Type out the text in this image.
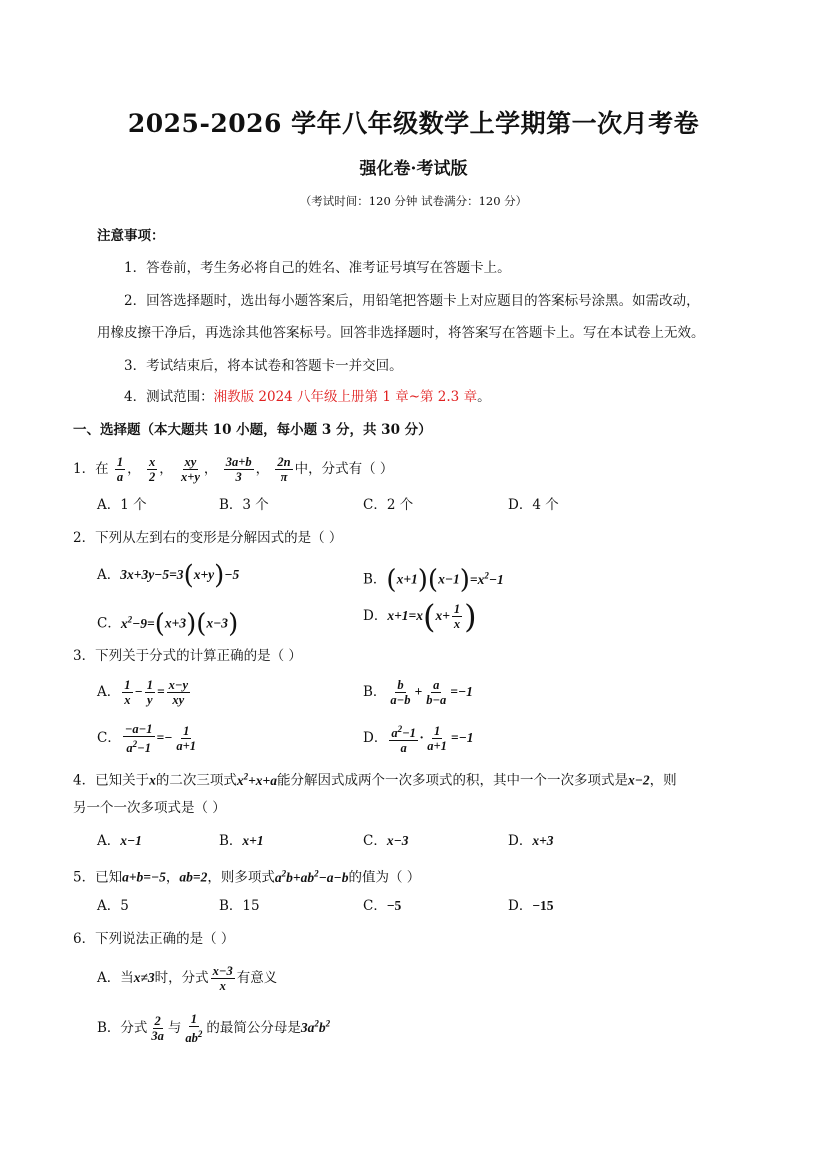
2025-2026 学年八年级数学上学期第一次月考卷
强化卷·考试版
（考试时间：120 分钟 试卷满分：120 分）
注意事项：
1．答卷前，考生务必将自己的姓名、准考证号填写在答题卡上。
2．回答选择题时，选出每小题答案后，用铅笔把答题卡上对应题目的答案标号涂黑。如需改动，
用橡皮擦干净后，再选涂其他答案标号。回答非选择题时，将答案写在答题卡上。写在本试卷上无效。
3．考试结束后，将本试卷和答题卡一并交回。
4．测试范围：湘教版 2024 八年级上册第 1 章~第 2.3 章。
一、选择题（本大题共 10 小题，每小题 3 分，共 30 分）
1．在 $\frac{1}{a}$ ， $\frac{x}{2}$ ， $\frac{xy}{x+y}$ ， $\frac{3a+b}{3}$ ， $\frac{2n}{\pi}$ 中，分式有（ ）
A．1 个	B．3 个	C．2 个	D．4 个
2．下列从左到右的变形是分解因式的是（ ）
A．3x+3y−5=3(x+y)−5	B．$(x+1)(x-1)=x^2-1$
C．$x^2-9=(x+3)(x-3)$	D．$x+1=x(x+ \frac{1}{x}$ )
3．下列关于分式的计算正确的是（ ）
A． $\frac{1}{x} - \frac{1}{y} = \frac{x-y}{xy}$	B． $\frac{b}{a-b} + \frac{a}{b-a} =-1$
C． $\frac{-a-1}{a^2-1} =- \frac{1}{a+1}$	D． $\frac{a^2-1}{a} \cdot \frac{1}{a+1} =-1$
4．已知关于x的二次三项式$x^2+x+a$能分解因式成两个一次多项式的积，其中一个一次多项式是x−2，则
另一个一次多项式是（ ）
A．x−1	B．x+1	C．x−3	D．x+3
5．已知a+b=−5，ab=2，则多项式$a^2b+ab^2-a-b$的值为（ ）
A．5	B．15	C．−5	D．−15
6．下列说法正确的是（ ）
A．当x≠3时，分式 $\frac{x-3}{x}$ 有意义
B．分式 $\frac{2}{3a}$ 与 $\frac{1}{ab^2}$ 的最简公分母是$3a^2b^2$
